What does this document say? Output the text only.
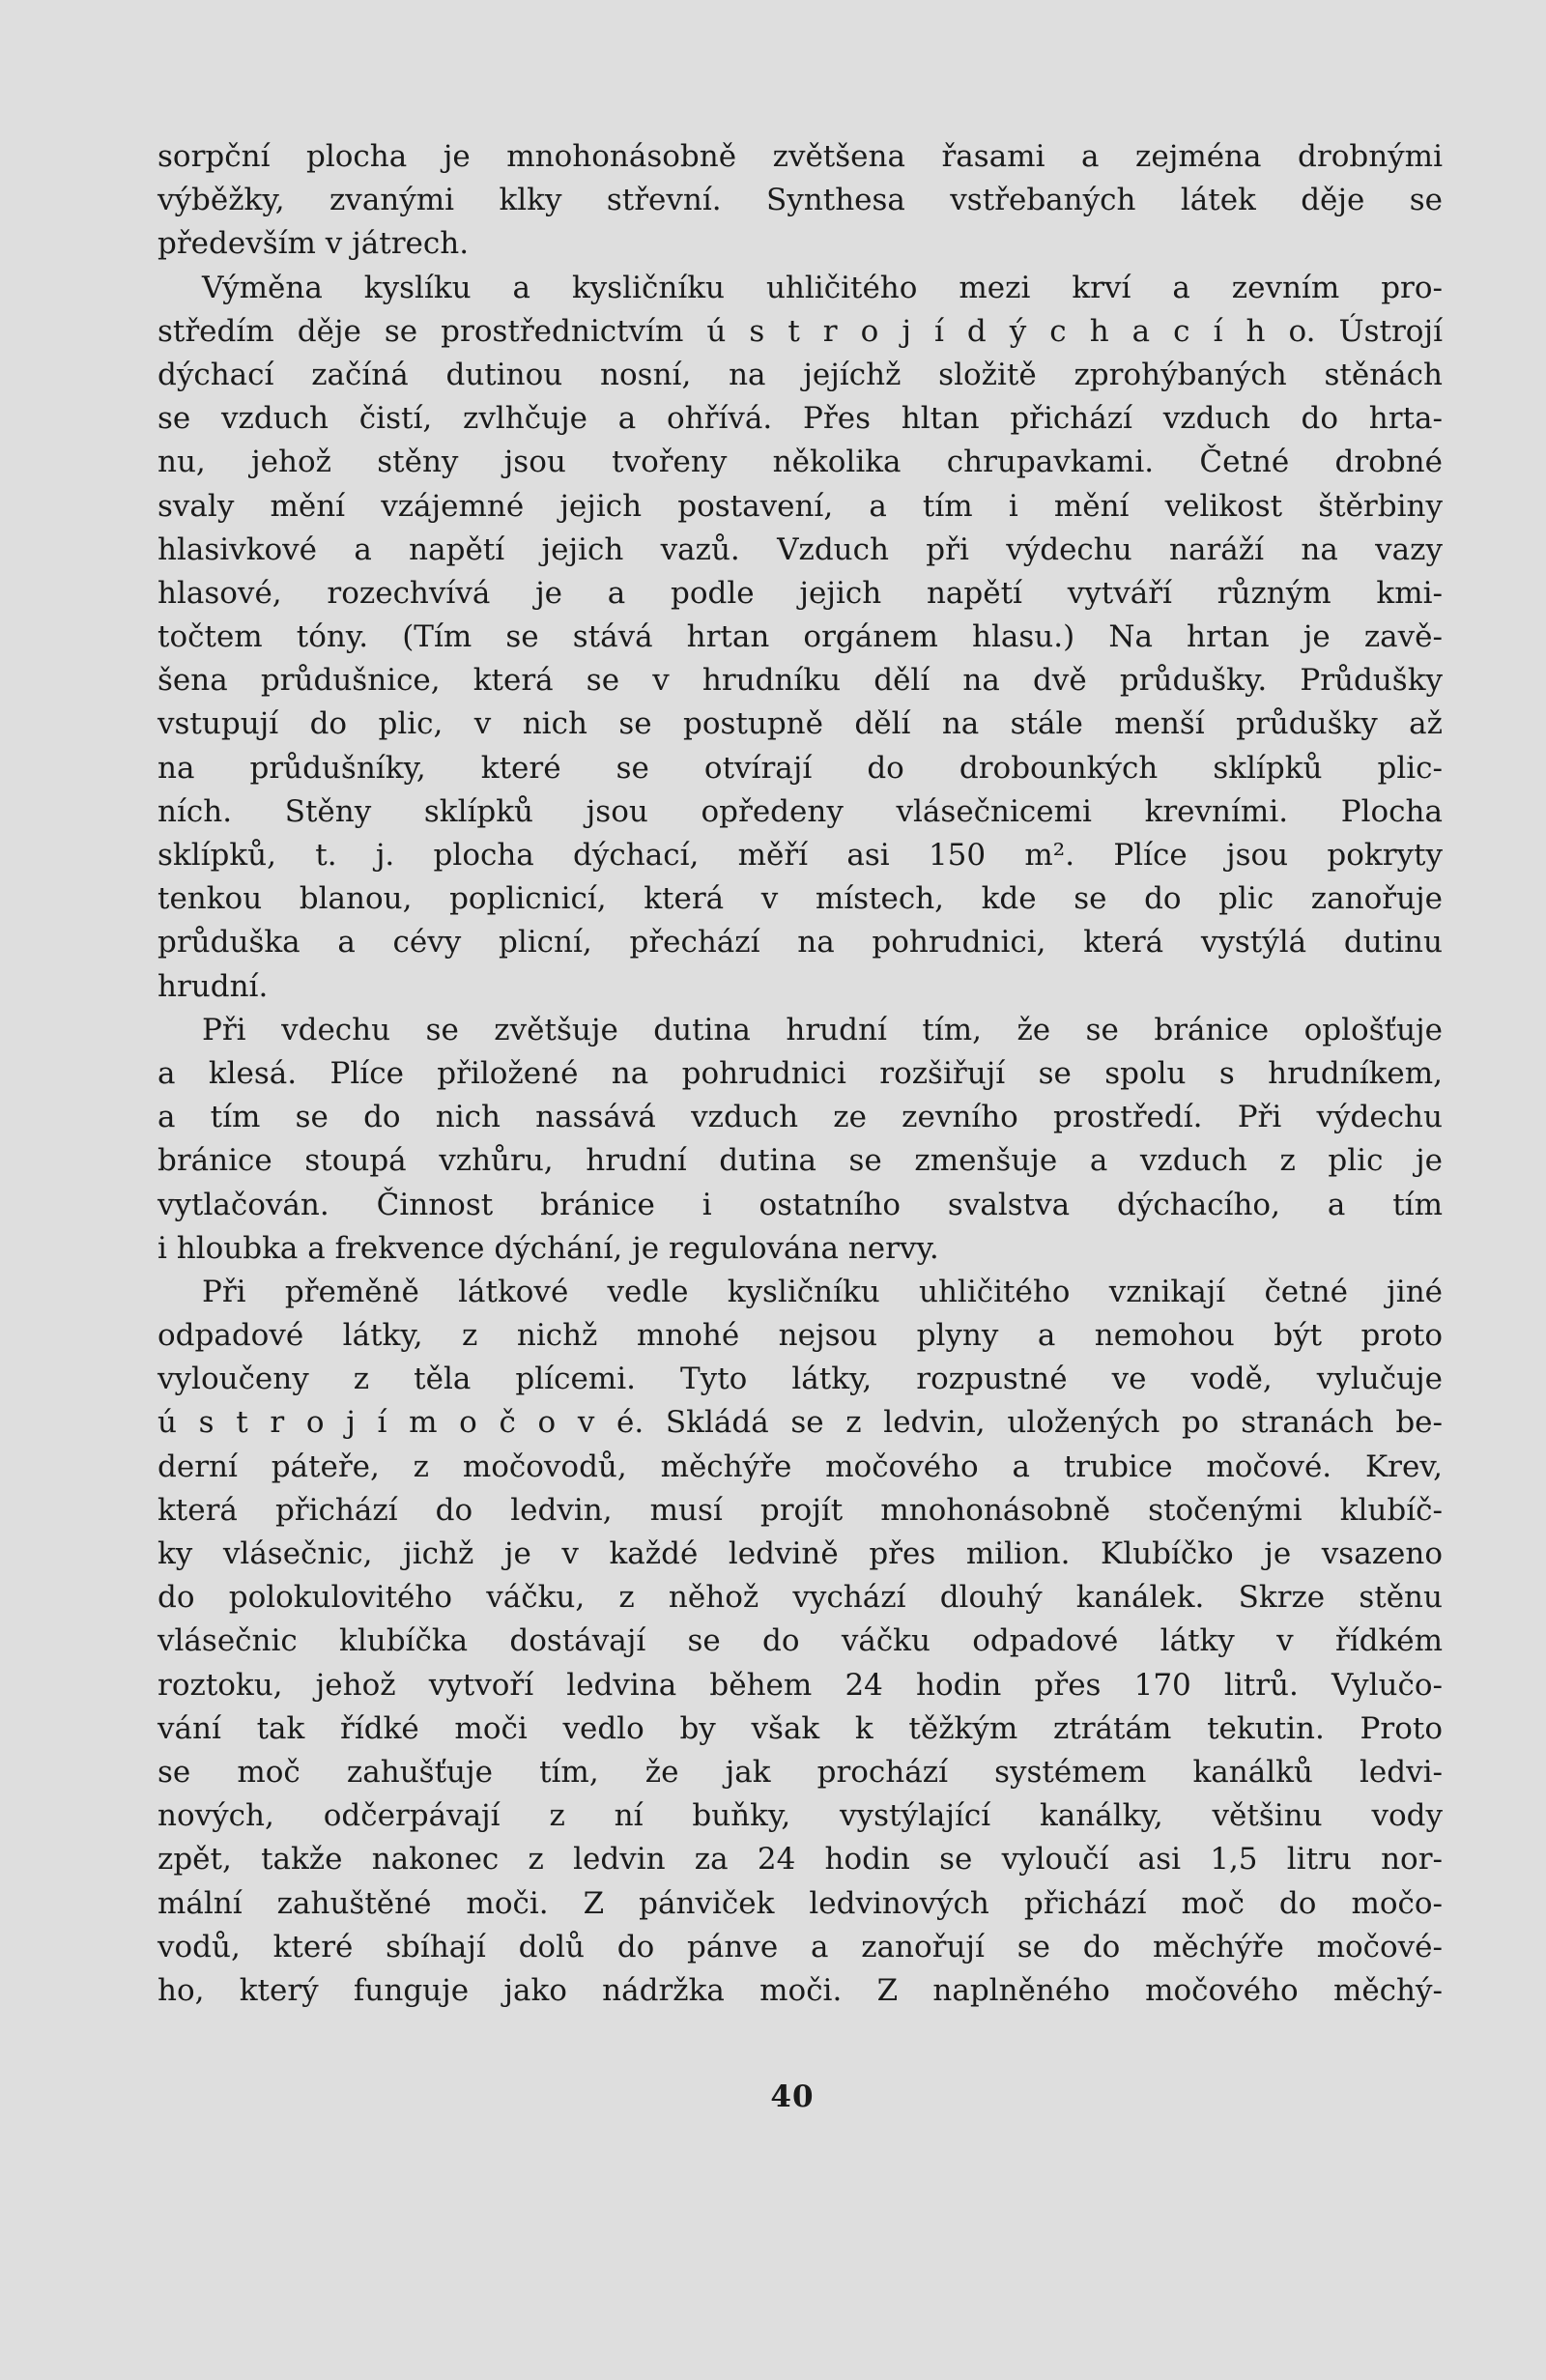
sorpční plocha je mnohonásobně zvětšena řasami a zejména drobnými
výběžky, zvanými klky střevní. Synthesa vstřebaných látek děje se
především v játrech.
Výměna kyslíku a kysličníku uhličitého mezi krví a zevním pro-
středím děje se prostřednictvím ú s t r o j í d ý c h a c í h o. Ústrojí
dýchací začíná dutinou nosní, na jejíchž složitě zprohýbaných stěnách
se vzduch čistí, zvlhčuje a ohřívá. Přes hltan přichází vzduch do hrta-
nu, jehož stěny jsou tvořeny několika chrupavkami. Četné drobné
svaly mění vzájemné jejich postavení, a tím i mění velikost štěrbiny
hlasivkové a napětí jejich vazů. Vzduch při výdechu naráží na vazy
hlasové, rozechvívá je a podle jejich napětí vytváří různým kmi-
točtem tóny. (Tím se stává hrtan orgánem hlasu.) Na hrtan je zavě-
šena průdušnice, která se v hrudníku dělí na dvě průdušky. Průdušky
vstupují do plic, v nich se postupně dělí na stále menší průdušky až
na průdušníky, které se otvírají do drobounkých sklípků plic-
ních. Stěny sklípků jsou opředeny vlásečnicemi krevními. Plocha
sklípků, t. j. plocha dýchací, měří asi 150 m². Plíce jsou pokryty
tenkou blanou, poplicnicí, která v místech, kde se do plic zanořuje
průduška a cévy plicní, přechází na pohrudnici, která vystýlá dutinu
hrudní.
Při vdechu se zvětšuje dutina hrudní tím, že se bránice oplošťuje
a klesá. Plíce přiložené na pohrudnici rozšiřují se spolu s hrudníkem,
a tím se do nich nassává vzduch ze zevního prostředí. Při výdechu
bránice stoupá vzhůru, hrudní dutina se zmenšuje a vzduch z plic je
vytlačován. Činnost bránice i ostatního svalstva dýchacího, a tím
i hloubka a frekvence dýchání, je regulována nervy.
Při přeměně látkové vedle kysličníku uhličitého vznikají četné jiné
odpadové látky, z nichž mnohé nejsou plyny a nemohou být proto
vyloučeny z těla plícemi. Tyto látky, rozpustné ve vodě, vylučuje
ú s t r o j í m o č o v é. Skládá se z ledvin, uložených po stranách be-
derní páteře, z močovodů, měchýře močového a trubice močové. Krev,
která přichází do ledvin, musí projít mnohonásobně stočenými klubíč-
ky vlásečnic, jichž je v každé ledvině přes milion. Klubíčko je vsazeno
do polokulovitého váčku, z něhož vychází dlouhý kanálek. Skrze stěnu
vlásečnic klubíčka dostávají se do váčku odpadové látky v řídkém
roztoku, jehož vytvoří ledvina během 24 hodin přes 170 litrů. Vylučo-
vání tak řídké moči vedlo by však k těžkým ztrátám tekutin. Proto
se moč zahušťuje tím, že jak prochází systémem kanálků ledvi-
nových, odčerpávají z ní buňky, vystýlající kanálky, většinu vody
zpět, takže nakonec z ledvin za 24 hodin se vyloučí asi 1,5 litru nor-
mální zahuštěné moči. Z pánviček ledvinových přichází moč do močo-
vodů, které sbíhají dolů do pánve a zanořují se do měchýře močové-
ho, který funguje jako nádržka moči. Z naplněného močového měchý-
40
